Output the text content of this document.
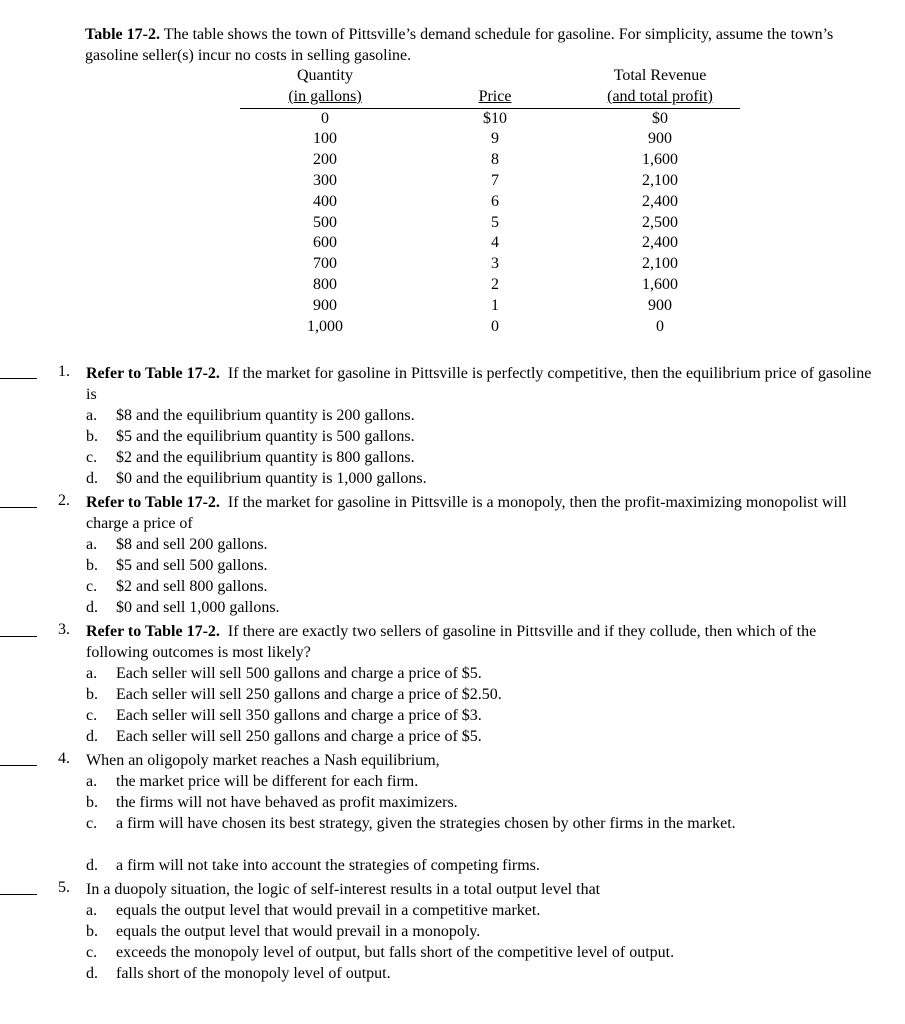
Table 17-2. The table shows the town of Pittsville’s demand schedule for gasoline. For simplicity, assume the town’s gasoline seller(s) incur no costs in selling gasoline.
Quantity		Total Revenue
(in gallons)	Price	(and total profit)
0	$10	$0
100	9	900
200	8	1,600
300	7	2,100
400	6	2,400
500	5	2,500
600	4	2,400
700	3	2,100
800	2	1,600
900	1	900
1,000	0	0
1. Refer to Table 17-2. If the market for gasoline in Pittsville is perfectly competitive, then the equilibrium price of gasoline is
a. $8 and the equilibrium quantity is 200 gallons.
b. $5 and the equilibrium quantity is 500 gallons.
c. $2 and the equilibrium quantity is 800 gallons.
d. $0 and the equilibrium quantity is 1,000 gallons.
2. Refer to Table 17-2. If the market for gasoline in Pittsville is a monopoly, then the profit-maximizing monopolist will charge a price of
a. $8 and sell 200 gallons.
b. $5 and sell 500 gallons.
c. $2 and sell 800 gallons.
d. $0 and sell 1,000 gallons.
3. Refer to Table 17-2. If there are exactly two sellers of gasoline in Pittsville and if they collude, then which of the following outcomes is most likely?
a. Each seller will sell 500 gallons and charge a price of $5.
b. Each seller will sell 250 gallons and charge a price of $2.50.
c. Each seller will sell 350 gallons and charge a price of $3.
d. Each seller will sell 250 gallons and charge a price of $5.
4. When an oligopoly market reaches a Nash equilibrium,
a. the market price will be different for each firm.
b. the firms will not have behaved as profit maximizers.
c. a firm will have chosen its best strategy, given the strategies chosen by other firms in the market.
d. a firm will not take into account the strategies of competing firms.
5. In a duopoly situation, the logic of self-interest results in a total output level that
a. equals the output level that would prevail in a competitive market.
b. equals the output level that would prevail in a monopoly.
c. exceeds the monopoly level of output, but falls short of the competitive level of output.
d. falls short of the monopoly level of output.
